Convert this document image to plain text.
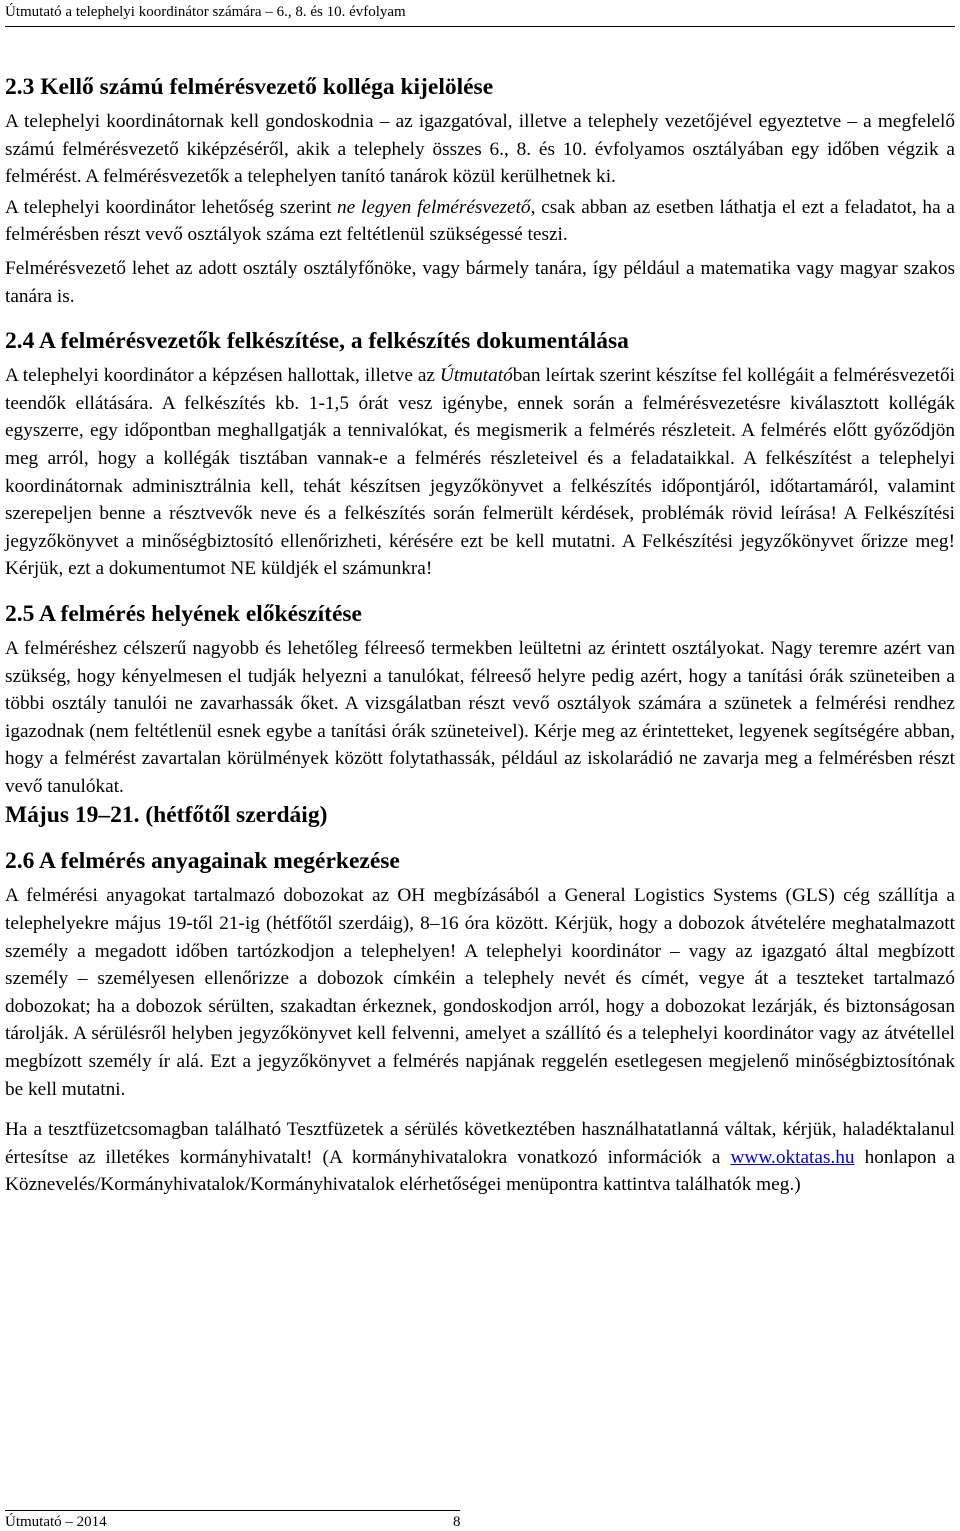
Útmutató a telephelyi koordinátor számára – 6., 8. és 10. évfolyam
2.3 Kellő számú felmérésvezető kolléga kijelölése

A telephelyi koordinátornak kell gondoskodnia – az igazgatóval, illetve a telephely vezetőjével egyeztetve – a megfelelő számú felmérésvezető kiképzéséről, akik a telephely összes 6., 8. és 10. évfolyamos osztályában egy időben végzik a felmérést. A felmérésvezetők a telephelyen tanító tanárok közül kerülhetnek ki.

A telephelyi koordinátor lehetőség szerint ne legyen felmérésvezető, csak abban az esetben láthatja el ezt a feladatot, ha a felmérésben részt vevő osztályok száma ezt feltétlenül szükségessé teszi.

Felmérésvezető lehet az adott osztály osztályfőnöke, vagy bármely tanára, így például a matematika vagy magyar szakos tanára is.

2.4 A felmérésvezetők felkészítése, a felkészítés dokumentálása

A telephelyi koordinátor a képzésen hallottak, illetve az Útmutatóban leírtak szerint készítse fel kollégáit a felmérésvezetői teendők ellátására. A felkészítés kb. 1-1,5 órát vesz igénybe, ennek során a felmérésvezetésre kiválasztott kollégák egyszerre, egy időpontban meghallgatják a tennivalókat, és megismerik a felmérés részleteit. A felmérés előtt győződjön meg arról, hogy a kollégák tisztában vannak-e a felmérés részleteivel és a feladataikkal. A felkészítést a telephelyi koordinátornak adminisztrálnia kell, tehát készítsen jegyzőkönyvet a felkészítés időpontjáról, időtartamáról, valamint szerepeljen benne a résztvevők neve és a felkészítés során felmerült kérdések, problémák rövid leírása! A Felkészítési jegyzőkönyvet a minőségbiztosító ellenőrizheti, kérésére ezt be kell mutatni. A Felkészítési jegyzőkönyvet őrizze meg! Kérjük, ezt a dokumentumot NE küldjék el számunkra!

2.5 A felmérés helyének előkészítése

A felméréshez célszerű nagyobb és lehetőleg félreeső termekben leültetni az érintett osztályokat. Nagy teremre azért van szükség, hogy kényelmesen el tudják helyezni a tanulókat, félreeső helyre pedig azért, hogy a tanítási órák szüneteiben a többi osztály tanulói ne zavarhassák őket. A vizsgálatban részt vevő osztályok számára a szünetek a felmérési rendhez igazodnak (nem feltétlenül esnek egybe a tanítási órák szüneteivel). Kérje meg az érintetteket, legyenek segítségére abban, hogy a felmérést zavartalan körülmények között folytathassák, például az iskolarádió ne zavarja meg a felmérésben részt vevő tanulókat.

Május 19–21. (hétfőtől szerdáig)
2.6 A felmérés anyagainak megérkezése

A felmérési anyagokat tartalmazó dobozokat az OH megbízásából a General Logistics Systems (GLS) cég szállítja a telephelyekre május 19-től 21-ig (hétfőtől szerdáig), 8–16 óra között. Kérjük, hogy a dobozok átvételére meghatalmazott személy a megadott időben tartózkodjon a telephelyen! A telephelyi koordinátor – vagy az igazgató által megbízott személy – személyesen ellenőrizze a dobozok címkéin a telephely nevét és címét, vegye át a teszteket tartalmazó dobozokat; ha a dobozok sérülten, szakadtan érkeznek, gondoskodjon arról, hogy a dobozokat lezárják, és biztonságosan tárolják. A sérülésről helyben jegyzőkönyvet kell felvenni, amelyet a szállító és a telephelyi koordinátor vagy az átvétellel megbízott személy ír alá. Ezt a jegyzőkönyvet a felmérés napjának reggelén esetlegesen megjelenő minőségbiztosítónak be kell mutatni.

Ha a tesztfüzetcsomagban található Tesztfüzetek a sérülés következtében használhatatlanná váltak, kérjük, haladéktalanul értesítse az illetékes kormányhivatalt! (A kormányhivatalokra vonatkozó információk a www.oktatas.hu honlapon a Köznevelés/Kormányhivatalok/Kormányhivatalok elérhetőségei menüpontra kattintva találhatók meg.)

Útmutató – 2014	8
